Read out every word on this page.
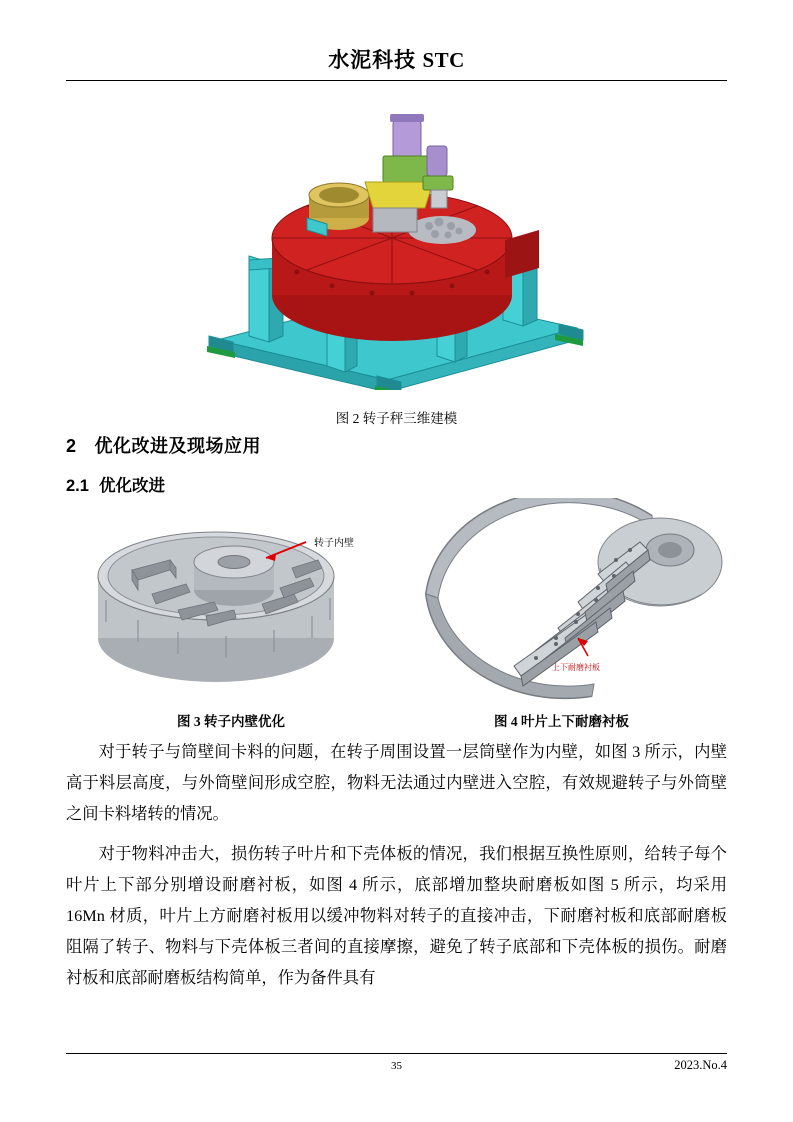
水泥科技 STC
图 2 转子秤三维建模
2 优化改进及现场应用
2.1 优化改进
转子内壁
上下耐磨衬板
图 3 转子内壁优化	图 4 叶片上下耐磨衬板

对于转子与筒壁间卡料的问题，在转子周围设置一层筒壁作为内壁，如图 3 所示，内壁高于料层高度，与外筒壁间形成空腔，物料无法通过内壁进入空腔，有效规避转子与外筒壁之间卡料堵转的情况。

对于物料冲击大，损伤转子叶片和下壳体板的情况，我们根据互换性原则，给转子每个叶片上下部分别增设耐磨衬板，如图 4 所示，底部增加整块耐磨板如图 5 所示，均采用 16Mn 材质，叶片上方耐磨衬板用以缓冲物料对转子的直接冲击，下耐磨衬板和底部耐磨板阻隔了转子、物料与下壳体板三者间的直接摩擦，避免了转子底部和下壳体板的损伤。耐磨衬板和底部耐磨板结构简单，作为备件具有

35	2023.No.4
